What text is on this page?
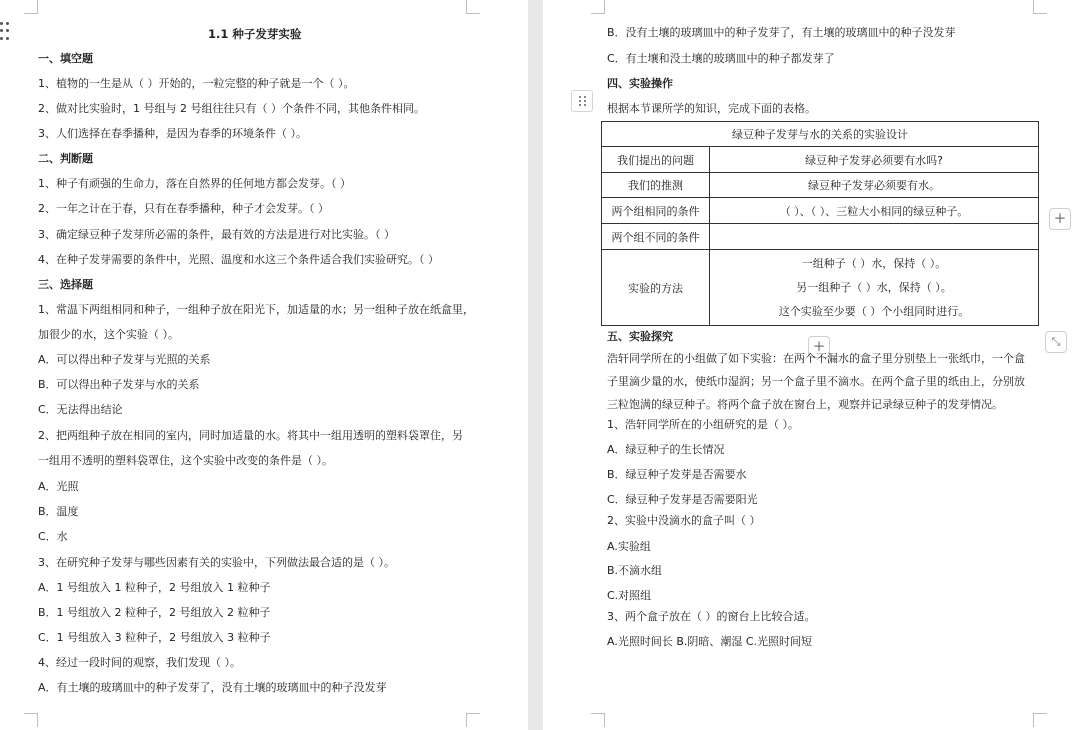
1.1 种子发芽实验
一、填空题
1、植物的一生是从（ ）开始的，一粒完整的种子就是一个（ ）。
2、做对比实验时，1 号组与 2 号组往往只有（ ）个条件不同，其他条件相同。
3、人们选择在春季播种，是因为春季的环境条件（ ）。
二、判断题
1、种子有顽强的生命力，落在自然界的任何地方都会发芽。（ ）
2、一年之计在于春，只有在春季播种，种子才会发芽。（ ）
3、确定绿豆种子发芽所必需的条件，最有效的方法是进行对比实验。（ ）
4、在种子发芽需要的条件中，光照、温度和水这三个条件适合我们实验研究。（ ）
三、选择题
1、常温下两组相同和种子，一组种子放在阳光下，加适量的水；另一组种子放在纸盒里，
加很少的水，这个实验（ ）。
A．可以得出种子发芽与光照的关系
B．可以得出种子发芽与水的关系
C．无法得出结论
2、把两组种子放在相同的室内，同时加适量的水。将其中一组用透明的塑料袋罩住，另
一组用不透明的塑料袋罩住，这个实验中改变的条件是（ ）。
A．光照
B．温度
C．水
3、在研究种子发芽与哪些因素有关的实验中，下列做法最合适的是（ ）。
A．1 号组放入 1 粒种子，2 号组放入 1 粒种子
B．1 号组放入 2 粒种子，2 号组放入 2 粒种子
C．1 号组放入 3 粒种子，2 号组放入 3 粒种子
4、经过一段时间的观察，我们发现（ ）。
A．有土壤的玻璃皿中的种子发芽了，没有土壤的玻璃皿中的种子没发芽
B．没有土壤的玻璃皿中的种子发芽了，有土壤的玻璃皿中的种子没发芽
C．有土壤和没土壤的玻璃皿中的种子都发芽了
四、实验操作
根据本节课所学的知识，完成下面的表格。
绿豆种子发芽与水的关系的实验设计	
我们提出的问题	绿豆种子发芽必须要有水吗?
我们的推测	绿豆种子发芽必须要有水。
两个组相同的条件	（ ）、（ ）、三粒大小相同的绿豆种子。
两个组不同的条件	
实验的方法	一组种子（ ）水，保持（ ）。
另一组种子（ ）水，保持（ ）。
这个实验至少要（ ）个小组同时进行。
+
+	⤡
五、实验探究
浩轩同学所在的小组做了如下实验：在两个不漏水的盒子里分别垫上一张纸巾，一个盒
子里滴少量的水，使纸巾湿润；另一个盒子里不滴水。在两个盒子里的纸由上，分别放
三粒饱满的绿豆种子。将两个盒子放在窗台上，观察并记录绿豆种子的发芽情况。
1、浩轩同学所在的小组研究的是（ ）。
A．绿豆种子的生长情况
B．绿豆种子发芽是否需要水
C．绿豆种子发芽是否需要阳光
2、实验中没滴水的盒子叫（ ）
A.实验组
B.不滴水组
C.对照组
3、两个盒子放在（ ）的窗台上比较合适。
A.光照时间长 B.阴暗、潮湿 C.光照时间短
